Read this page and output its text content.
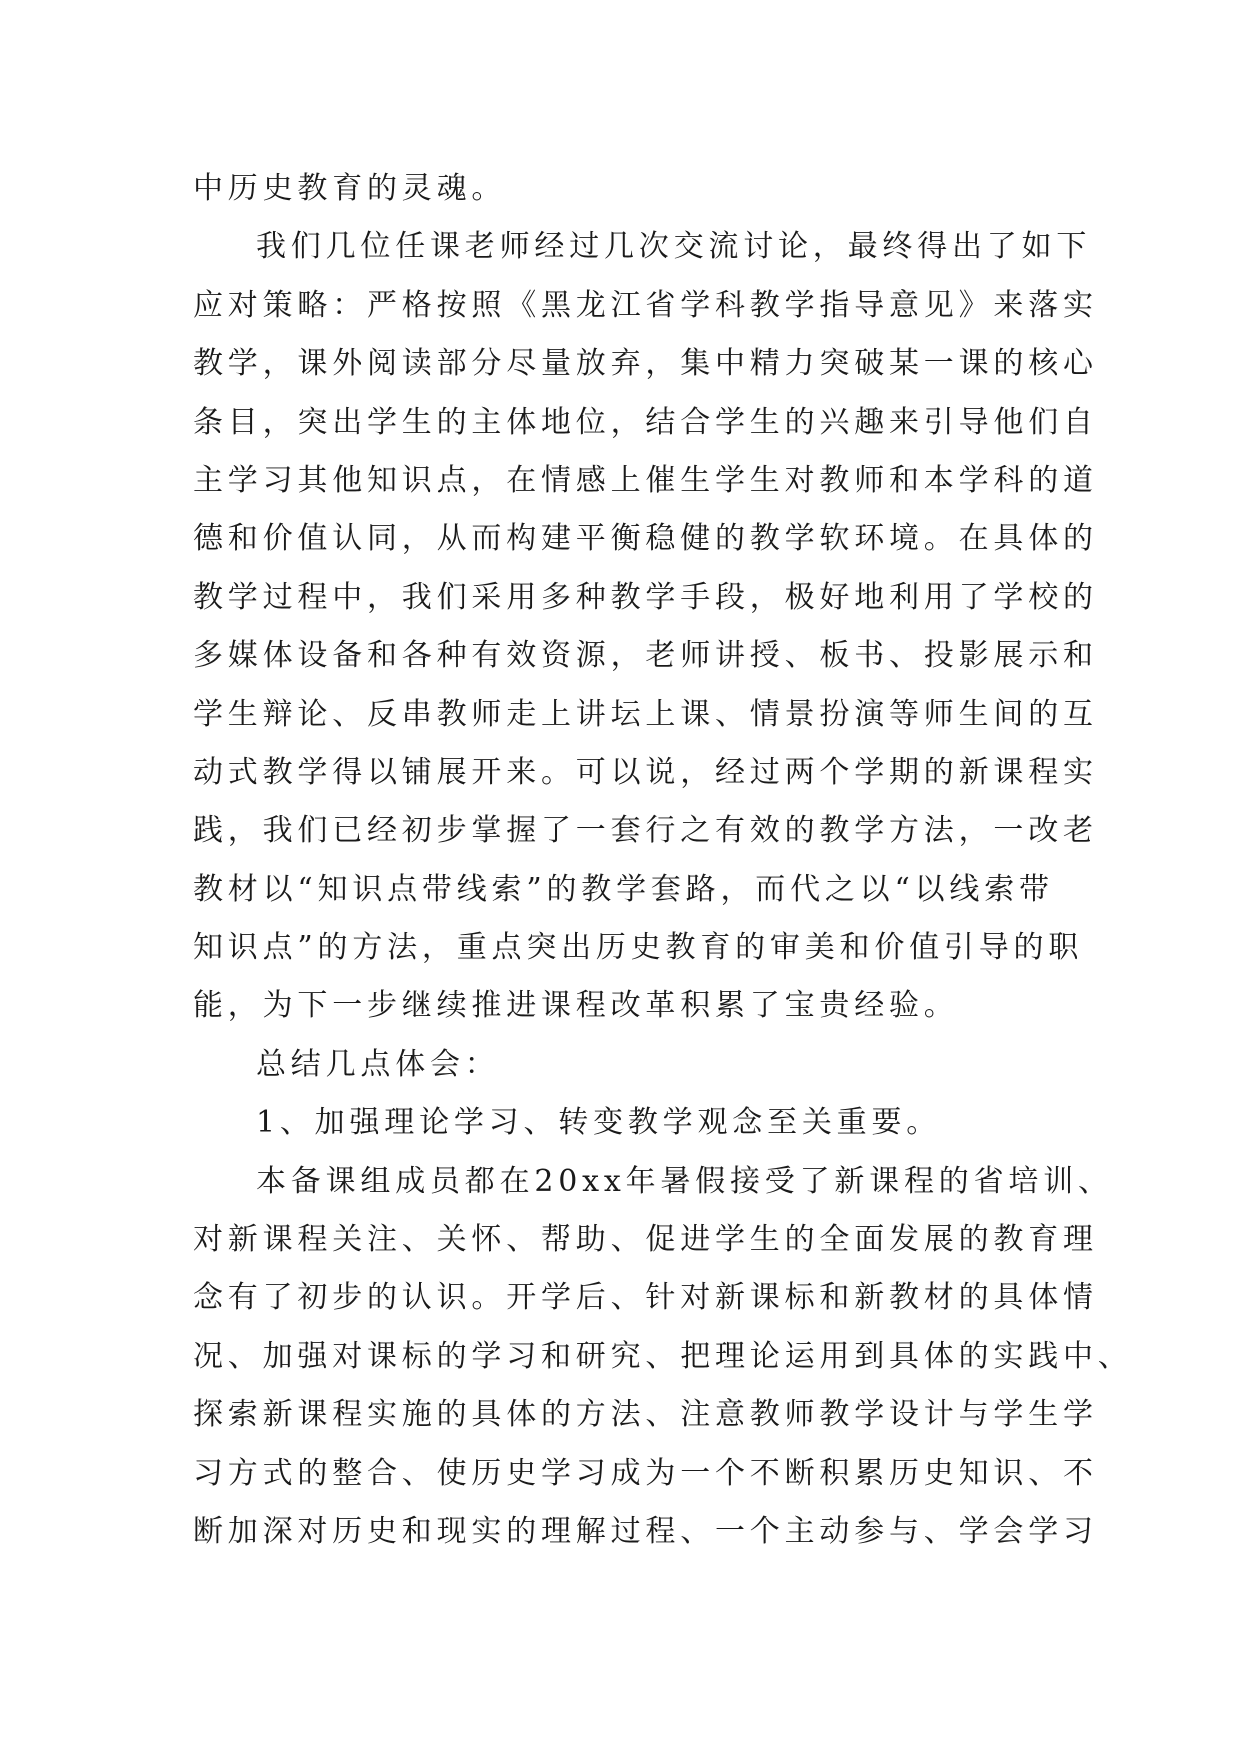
中历史教育的灵魂。
我们几位任课老师经过几次交流讨论，最终得出了如下
应对策略：严格按照《黑龙江省学科教学指导意见》来落实
教学，课外阅读部分尽量放弃，集中精力突破某一课的核心
条目，突出学生的主体地位，结合学生的兴趣来引导他们自
主学习其他知识点，在情感上催生学生对教师和本学科的道
德和价值认同，从而构建平衡稳健的教学软环境。在具体的
教学过程中，我们采用多种教学手段，极好地利用了学校的
多媒体设备和各种有效资源，老师讲授、板书、投影展示和
学生辩论、反串教师走上讲坛上课、情景扮演等师生间的互
动式教学得以铺展开来。可以说，经过两个学期的新课程实
践，我们已经初步掌握了一套行之有效的教学方法，一改老
教材以“知识点带线索”的教学套路，而代之以“以线索带
知识点”的方法，重点突出历史教育的审美和价值引导的职
能，为下一步继续推进课程改革积累了宝贵经验。
总结几点体会：
1、加强理论学习、转变教学观念至关重要。
本备课组成员都在20xx年暑假接受了新课程的省培训、
对新课程关注、关怀、帮助、促进学生的全面发展的教育理
念有了初步的认识。开学后、针对新课标和新教材的具体情
况、加强对课标的学习和研究、把理论运用到具体的实践中、
探索新课程实施的具体的方法、注意教师教学设计与学生学
习方式的整合、使历史学习成为一个不断积累历史知识、不
断加深对历史和现实的理解过程、一个主动参与、学会学习
